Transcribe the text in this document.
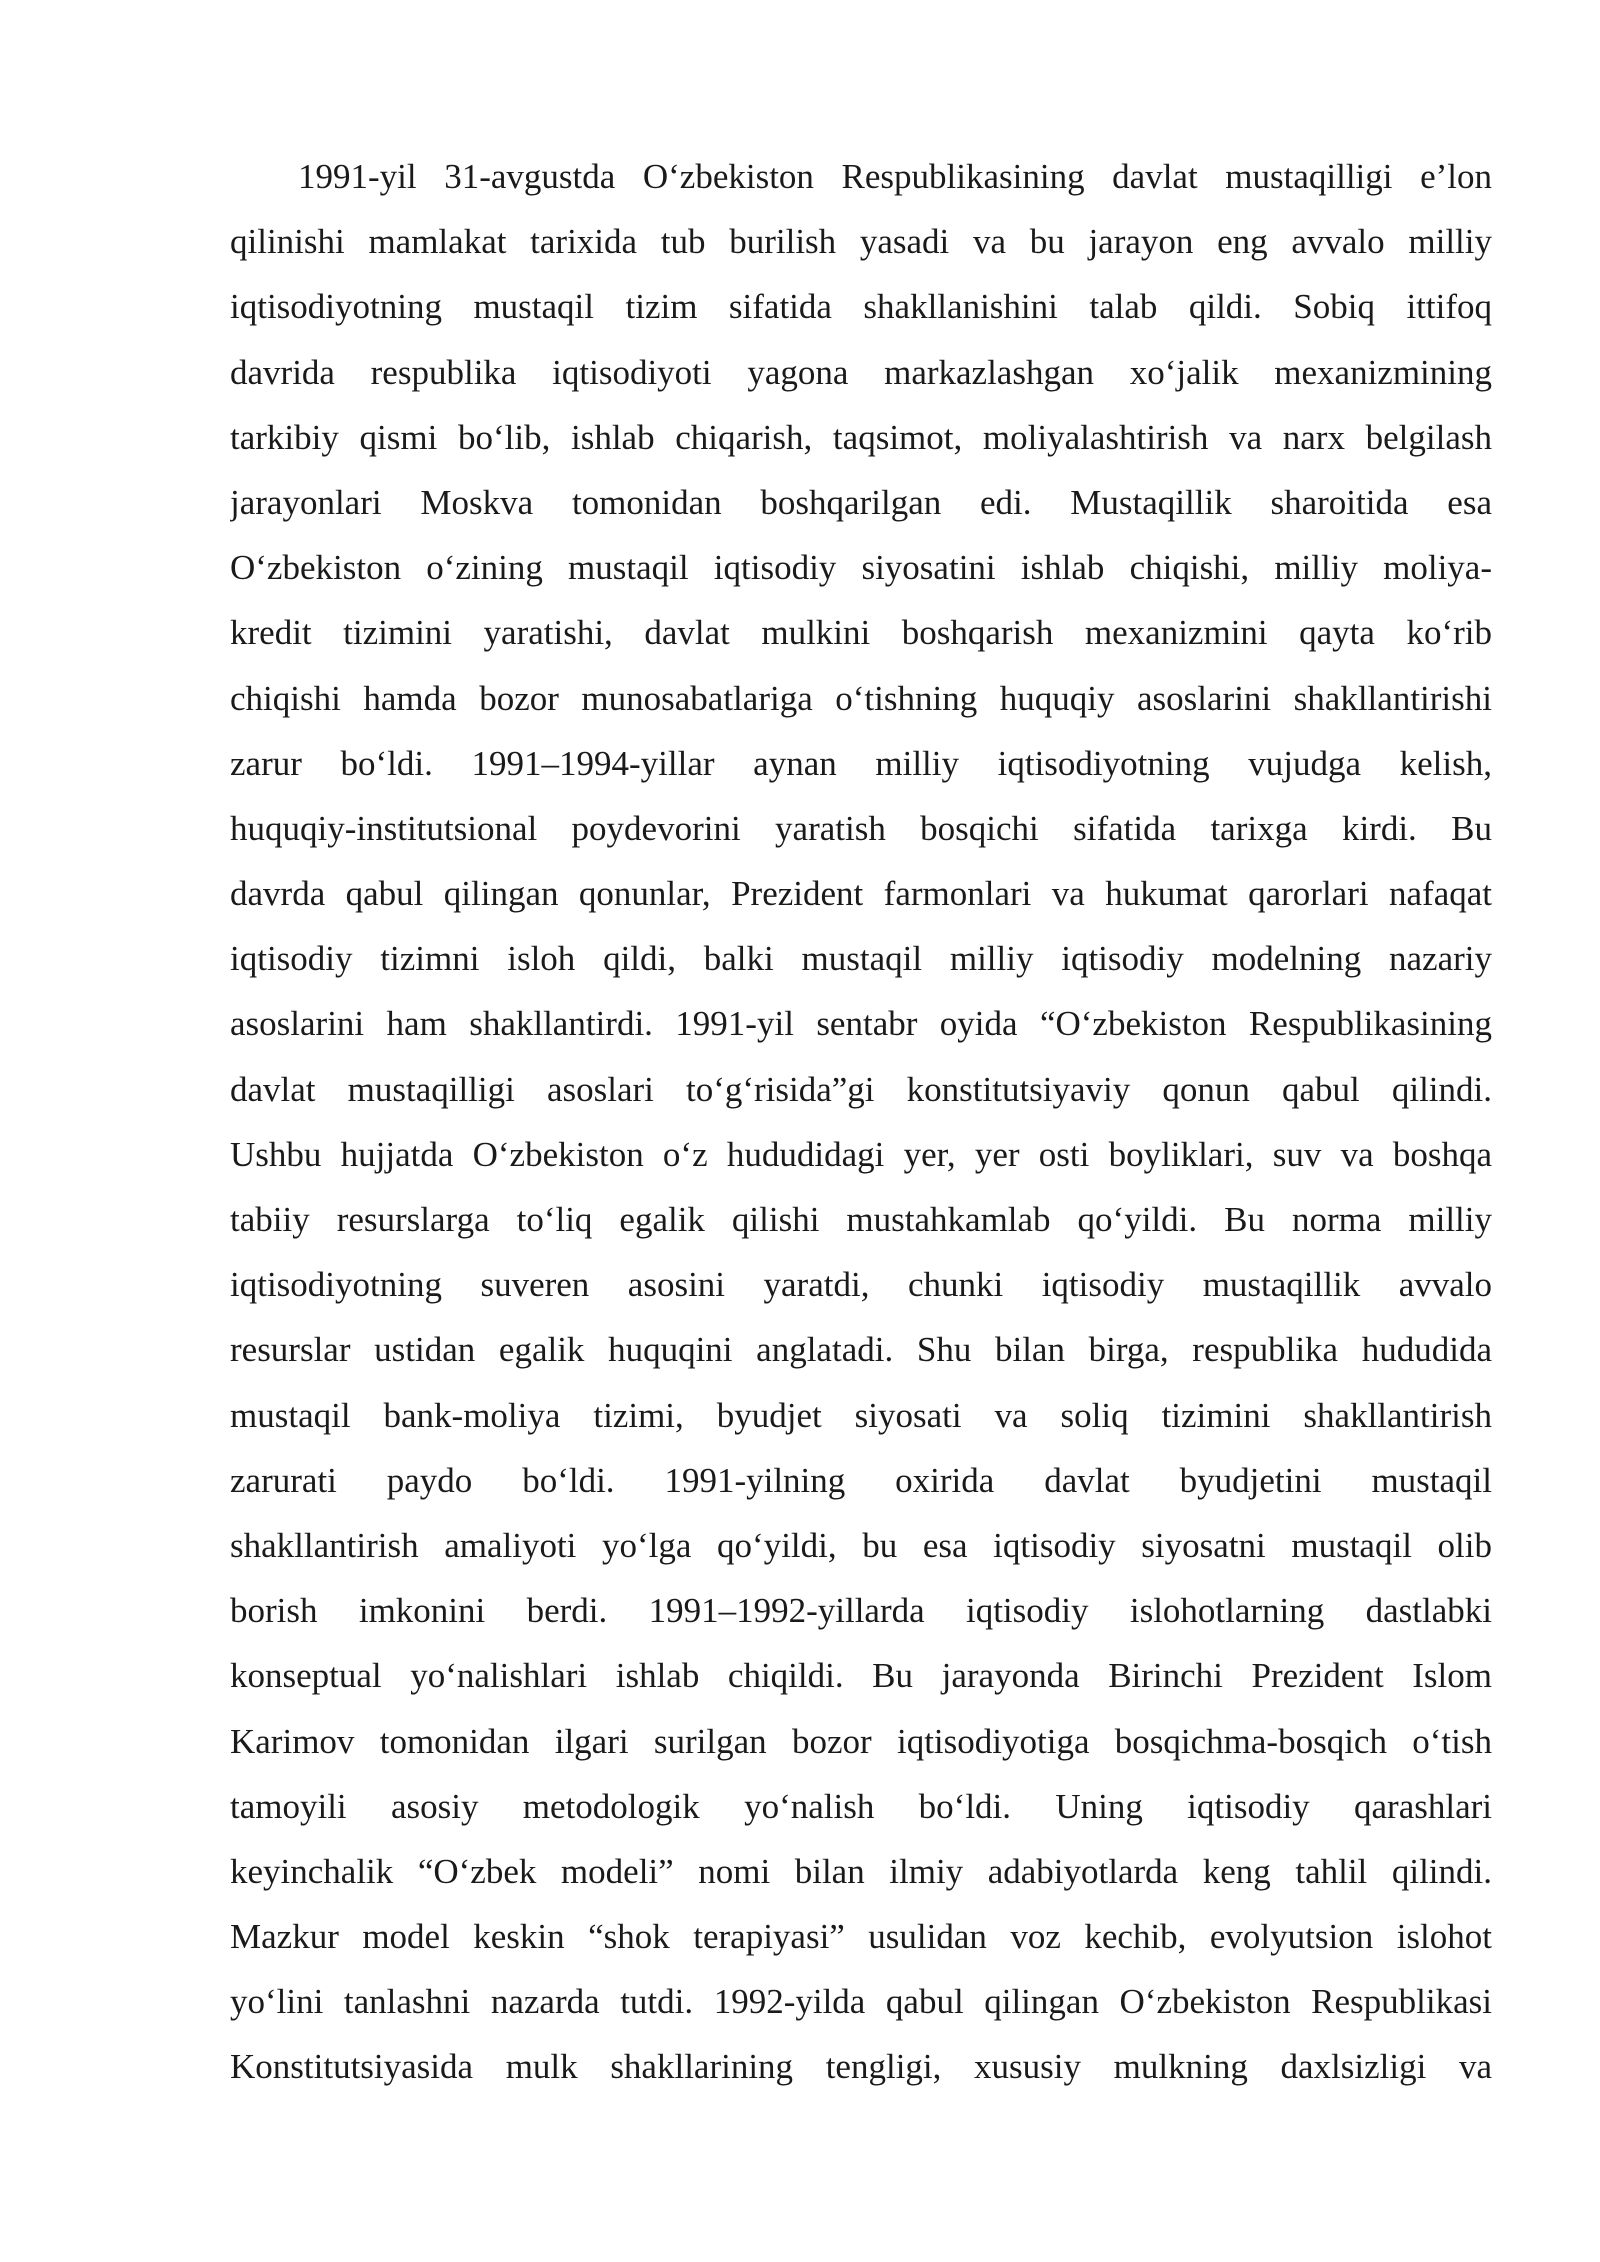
1991-yil 31-avgustda O‘zbekiston Respublikasining davlat mustaqilligi e’lon
qilinishi mamlakat tarixida tub burilish yasadi va bu jarayon eng avvalo milliy
iqtisodiyotning mustaqil tizim sifatida shakllanishini talab qildi. Sobiq ittifoq
davrida respublika iqtisodiyoti yagona markazlashgan xo‘jalik mexanizmining
tarkibiy qismi bo‘lib, ishlab chiqarish, taqsimot, moliyalashtirish va narx belgilash
jarayonlari Moskva tomonidan boshqarilgan edi. Mustaqillik sharoitida esa
O‘zbekiston o‘zining mustaqil iqtisodiy siyosatini ishlab chiqishi, milliy moliya-
kredit tizimini yaratishi, davlat mulkini boshqarish mexanizmini qayta ko‘rib
chiqishi hamda bozor munosabatlariga o‘tishning huquqiy asoslarini shakllantirishi
zarur bo‘ldi. 1991–1994-yillar aynan milliy iqtisodiyotning vujudga kelish,
huquqiy-institutsional poydevorini yaratish bosqichi sifatida tarixga kirdi. Bu
davrda qabul qilingan qonunlar, Prezident farmonlari va hukumat qarorlari nafaqat
iqtisodiy tizimni isloh qildi, balki mustaqil milliy iqtisodiy modelning nazariy
asoslarini ham shakllantirdi. 1991-yil sentabr oyida “O‘zbekiston Respublikasining
davlat mustaqilligi asoslari to‘g‘risida”gi konstitutsiyaviy qonun qabul qilindi.
Ushbu hujjatda O‘zbekiston o‘z hududidagi yer, yer osti boyliklari, suv va boshqa
tabiiy resurslarga to‘liq egalik qilishi mustahkamlab qo‘yildi. Bu norma milliy
iqtisodiyotning suveren asosini yaratdi, chunki iqtisodiy mustaqillik avvalo
resurslar ustidan egalik huquqini anglatadi. Shu bilan birga, respublika hududida
mustaqil bank-moliya tizimi, byudjet siyosati va soliq tizimini shakllantirish
zarurati paydo bo‘ldi. 1991-yilning oxirida davlat byudjetini mustaqil
shakllantirish amaliyoti yo‘lga qo‘yildi, bu esa iqtisodiy siyosatni mustaqil olib
borish imkonini berdi. 1991–1992-yillarda iqtisodiy islohotlarning dastlabki
konseptual yo‘nalishlari ishlab chiqildi. Bu jarayonda Birinchi Prezident Islom
Karimov tomonidan ilgari surilgan bozor iqtisodiyotiga bosqichma-bosqich o‘tish
tamoyili asosiy metodologik yo‘nalish bo‘ldi. Uning iqtisodiy qarashlari
keyinchalik “O‘zbek modeli” nomi bilan ilmiy adabiyotlarda keng tahlil qilindi.
Mazkur model keskin “shok terapiyasi” usulidan voz kechib, evolyutsion islohot
yo‘lini tanlashni nazarda tutdi. 1992-yilda qabul qilingan O‘zbekiston Respublikasi
Konstitutsiyasida mulk shakllarining tengligi, xususiy mulkning daxlsizligi va
